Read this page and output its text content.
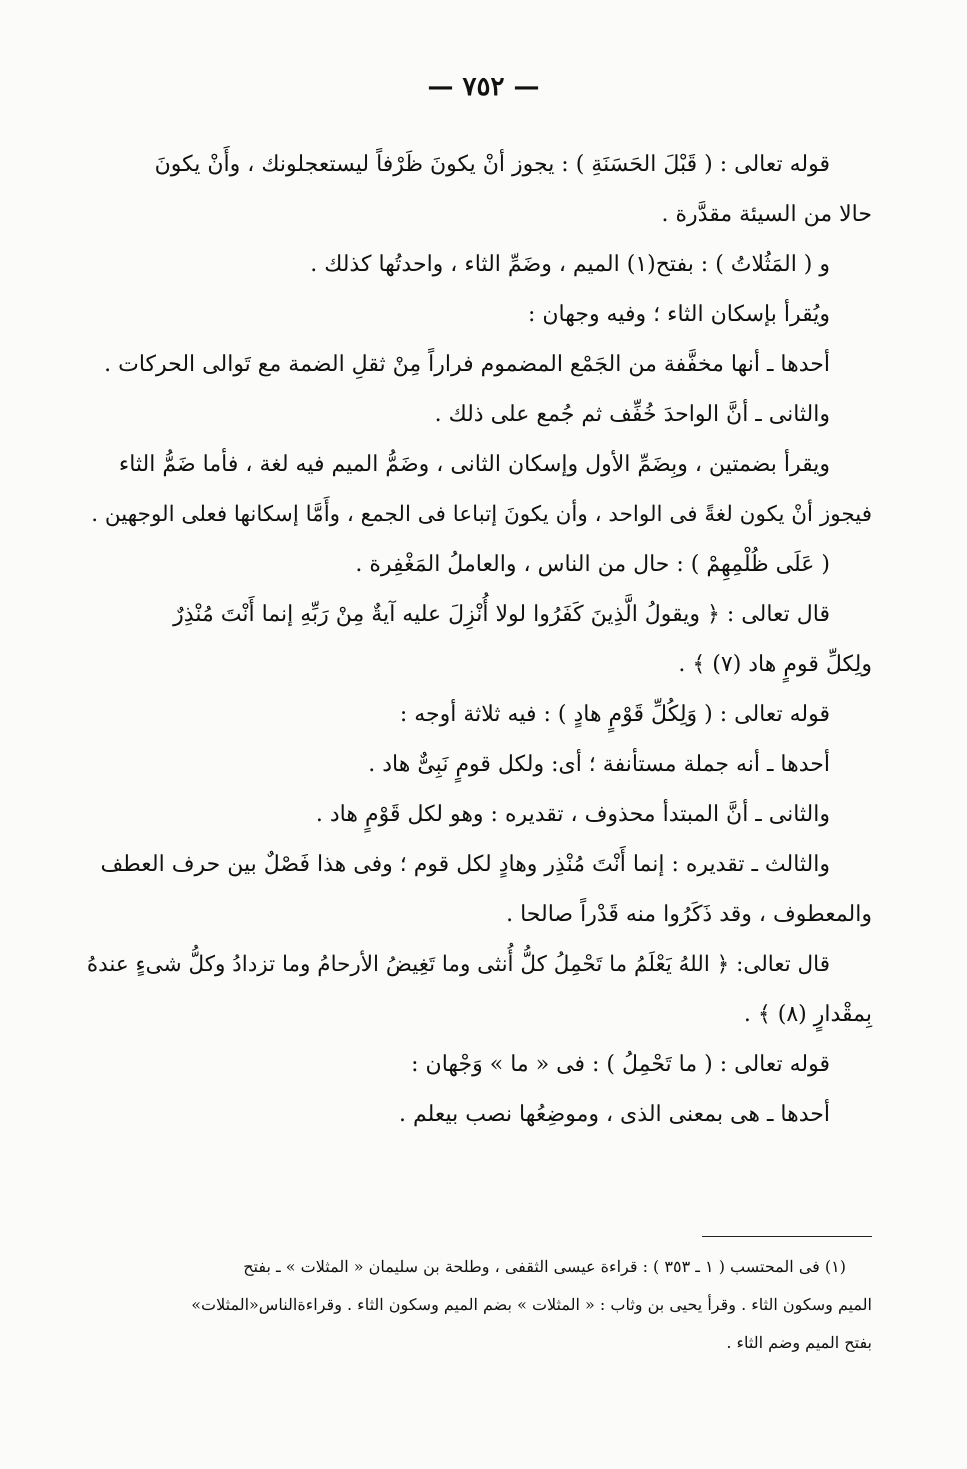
— ٧٥٢ —
قوله تعالى : ( قَبْلَ الحَسَنَةِ ) : يجوز أنْ يكونَ ظَرْفاً ليستعجلونك ، وأَنْ يكونَ
حالا من السيئة مقدَّرة .
و ( المَثُلاتُ ) : بفتح(١) الميم ، وضَمِّ الثاء ، واحدتُها كذلك .
ويُقرأ بإسكان الثاء ؛ وفيه وجهان :
أحدها ـ أنها مخفَّفة من الجَمْع المضموم فراراً مِنْ ثقلِ الضمة مع تَوالى الحركات .
والثانى ـ أنَّ الواحدَ خُفِّف ثم جُمع على ذلك .
ويقرأ بضمتين ، وبِضَمِّ الأول وإسكان الثانى ، وضَمُّ الميم فيه لغة ، فأما ضَمُّ الثاء
فيجوز أنْ يكون لغةً فى الواحد ، وأن يكونَ إتباعا فى الجمع ، وأَمَّا إسكانها فعلى الوجهين .
( عَلَى ظُلْمِهِمْ ) : حال من الناس ، والعاملُ المَغْفِرة .
قال تعالى : ﴿ ويقولُ الَّذِينَ كَفَرُوا لولا أُنْزِلَ عليه آيةٌ مِنْ رَبِّهِ إنما أَنْتَ مُنْذِرٌ
ولِكلِّ قومٍ هاد (٧) ﴾ .
قوله تعالى : ( وَلِكُلِّ قَوْمٍ هادٍ ) : فيه ثلاثة أوجه :
أحدها ـ أنه جملة مستأنفة ؛ أى: ولكل قومٍ نَبِىٌّ هاد .
والثانى ـ أنَّ المبتدأ محذوف ، تقديره : وهو لكل قَوْمٍ هاد .
والثالث ـ تقديره : إنما أَنْتَ مُنْذِر وهادٍ لكل قوم ؛ وفى هذا فَصْلٌ بين حرف العطف
والمعطوف ، وقد ذَكَرُوا منه قَدْراً صالحا .
قال تعالى: ﴿ اللهُ يَعْلَمُ ما تَحْمِلُ كلُّ أُنثى وما تَغِيضُ الأرحامُ وما تزدادُ وكلُّ شىءٍ عندهُ
بِمقْدارٍ (٨) ﴾ .
قوله تعالى : ( ما تَحْمِلُ ) : فى « ما » وَجْهان :
أحدها ـ هى بمعنى الذى ، وموضِعُها نصب بيعلم .
(١) فى المحتسب ( ١ ـ ٣٥٣ ) : قراءة عيسى الثقفى ، وطلحة بن سليمان « المثلات » ـ بفتح
الميم وسكون الثاء . وقرأ يحيى بن وثاب : « المثلات » بضم الميم وسكون الثاء . وقراءةالناس«المثلات»
بفتح الميم وضم الثاء .
